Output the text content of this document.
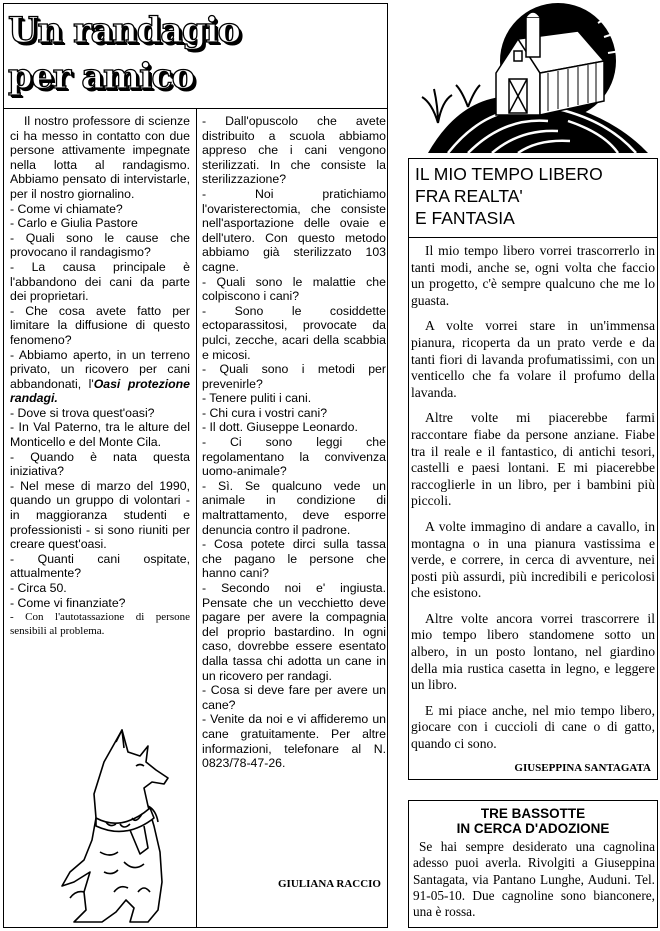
Un randagio
per amico
Il nostro professore di scienze ci ha messo in contatto con due persone attivamente impegnate nella lotta al randagismo. Abbiamo pensato di intervistarle, per il nostro giornalino.
- Come vi chiamate?
- Carlo e Giulia Pastore
- Quali sono le cause che provocano il randagismo?
- La causa principale è l'abbandono dei cani da parte dei proprietari.
- Che cosa avete fatto per limitare la diffusione di questo fenomeno?
- Abbiamo aperto, in un terreno privato, un ricovero per cani abbandonati, l'Oasi protezione randagi.
- Dove si trova quest'oasi?
- In Val Paterno, tra le alture del Monticello e del Monte Cila.
- Quando è nata questa iniziativa?
- Nel mese di marzo del 1990, quando un gruppo di volontari - in maggioranza studenti e professionisti - si sono riuniti per creare quest'oasi.
- Quanti cani ospitate, attualmente?
- Circa 50.
- Come vi finanziate?
- Con l'autotassazione di persone sensibili al problema.
- Dall'opuscolo che avete distribuito a scuola abbiamo appreso che i cani vengono sterilizzati. In che consiste la sterilizzazione?
- Noi pratichiamo l'ovaristerectomia, che consiste nell'asportazione delle ovaie e dell'utero. Con questo metodo abbiamo già sterilizzato 103 cagne.
- Quali sono le malattie che colpiscono i cani?
- Sono le cosiddette ectoparassitosi, provocate da pulci, zecche, acari della scabbia e micosi.
- Quali sono i metodi per prevenirle?
- Tenere puliti i cani.
- Chi cura i vostri cani?
- Il dott. Giuseppe Leonardo.
- Ci sono leggi che regolamentano la convivenza uomo-animale?
- Sì. Se qualcuno vede un animale in condizione di maltrattamento, deve esporre denuncia contro il padrone.
- Cosa potete dirci sulla tassa che pagano le persone che hanno cani?
- Secondo noi e' ingiusta. Pensate che un vecchietto deve pagare per avere la compagnia del proprio bastardino. In ogni caso, dovrebbe essere esentato dalla tassa chi adotta un cane in un ricovero per randagi.
- Cosa si deve fare per avere un cane?
- Venite da noi e vi affideremo un cane gratuitamente. Per altre informazioni, telefonare al N. 0823/78-47-26.
GIULIANA RACCIO
IL MIO TEMPO LIBERO
FRA REALTA'
E FANTASIA
Il mio tempo libero vorrei trascorrerlo in tanti modi, anche se, ogni volta che faccio un progetto, c'è sempre qualcuno che me lo guasta.
A volte vorrei stare in un'immensa pianura, ricoperta da un prato verde e da tanti fiori di lavanda profumatissimi, con un venticello che fa volare il profumo della lavanda.
Altre volte mi piacerebbe farmi raccontare fiabe da persone anziane. Fiabe tra il reale e il fantastico, di antichi tesori, castelli e paesi lontani. E mi piacerebbe raccoglierle in un libro, per i bambini più piccoli.
A volte immagino di andare a cavallo, in montagna o in una pianura vastissima e verde, e correre, in cerca di avventure, nei posti più assurdi, più incredibili e pericolosi che esistono.
Altre volte ancora vorrei trascorrere il mio tempo libero standomene sotto un albero, in un posto lontano, nel giardino della mia rustica casetta in legno, e leggere un libro.
E mi piace anche, nel mio tempo libero, giocare con i cuccioli di cane o di gatto, quando ci sono.
GIUSEPPINA SANTAGATA
TRE BASSOTTE
IN CERCA D'ADOZIONE
Se hai sempre desiderato una cagnolina adesso puoi averla. Rivolgiti a Giuseppina Santagata, via Pantano Lunghe, Auduni. Tel. 91-05-10. Due cagnoline sono bianconere, una è rossa.
